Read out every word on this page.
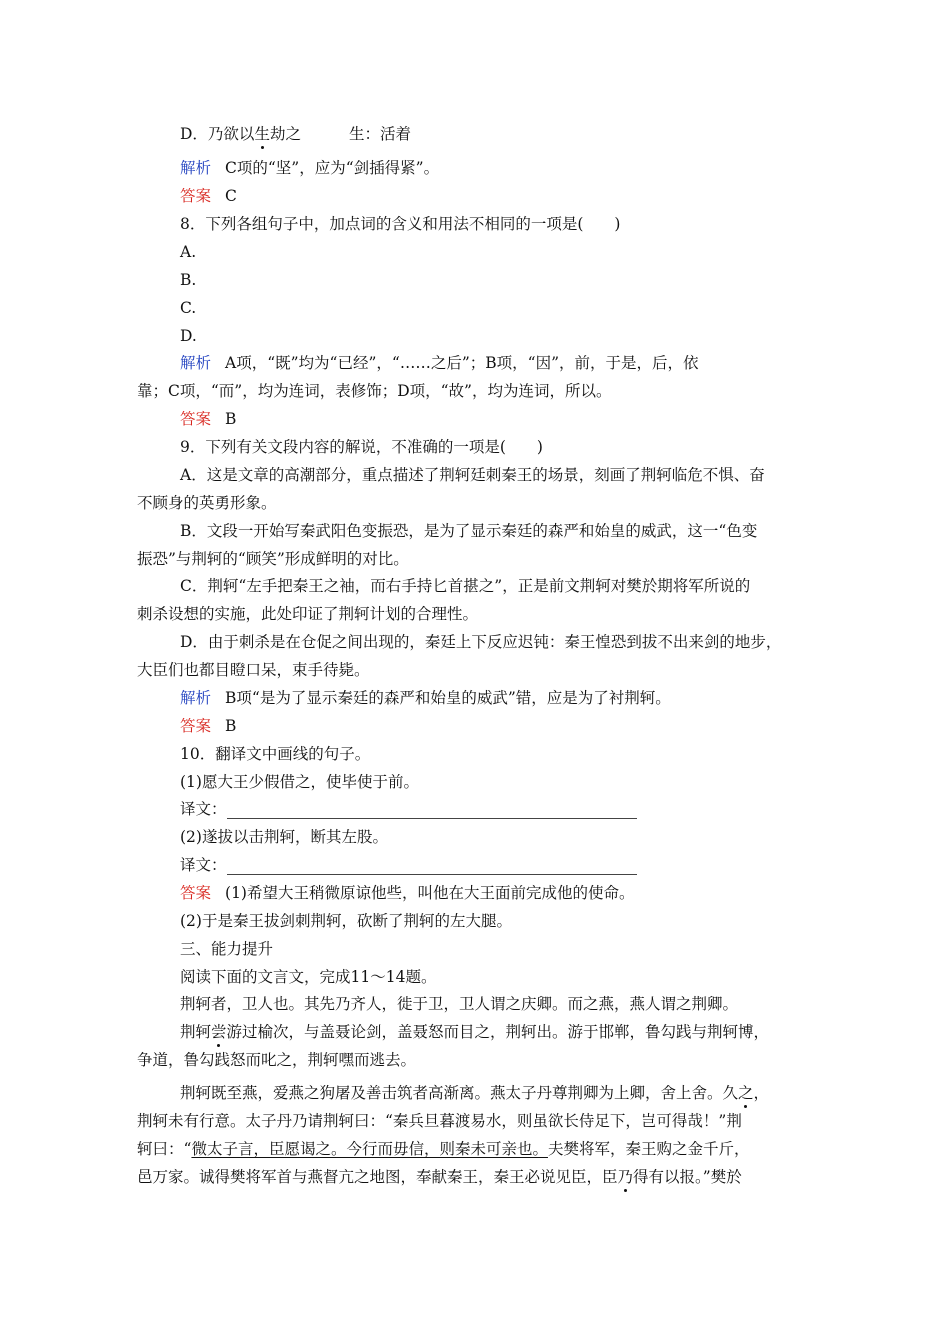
D．乃欲以生劫之	生：活着
解析 C项的“坚”，应为“剑插得紧”。
答案 C
8．下列各组句子中，加点词的含义和用法不相同的一项是(　　)
A.
B.
C.
D.
解析 A项，“既”均为“已经”，“……之后”；B项，“因”，前，于是，后，依
靠；C项，“而”，均为连词，表修饰；D项，“故”，均为连词，所以。
答案 B
9．下列有关文段内容的解说，不准确的一项是(　　)
A．这是文章的高潮部分，重点描述了荆轲廷刺秦王的场景，刻画了荆轲临危不惧、奋
不顾身的英勇形象。
B．文段一开始写秦武阳色变振恐，是为了显示秦廷的森严和始皇的威武，这一“色变
振恐”与荆轲的“顾笑”形成鲜明的对比。
C．荆轲“左手把秦王之袖，而右手持匕首揕之”，正是前文荆轲对樊於期将军所说的
刺杀设想的实施，此处印证了荆轲计划的合理性。
D．由于刺杀是在仓促之间出现的，秦廷上下反应迟钝：秦王惶恐到拔不出来剑的地步，
大臣们也都目瞪口呆，束手待毙。
解析 B项“是为了显示秦廷的森严和始皇的威武”错，应是为了衬荆轲。
答案 B
10．翻译文中画线的句子。
(1)愿大王少假借之，使毕使于前。
译文：
(2)遂拔以击荆轲，断其左股。
译文：
答案 (1)希望大王稍微原谅他些，叫他在大王面前完成他的使命。
(2)于是秦王拔剑刺荆轲，砍断了荆轲的左大腿。
三、能力提升
阅读下面的文言文，完成11～14题。
荆轲者，卫人也。其先乃齐人，徙于卫，卫人谓之庆卿。而之燕，燕人谓之荆卿。
荆轲尝游过榆次，与盖聂论剑，盖聂怒而目之，荆轲出。游于邯郸，鲁勾践与荆轲博，
争道，鲁勾践怒而叱之，荆轲嘿而逃去。
荆轲既至燕，爱燕之狗屠及善击筑者高渐离。燕太子丹尊荆卿为上卿，舍上舍。久之，
荆轲未有行意。太子丹乃请荆轲曰：“秦兵旦暮渡易水，则虽欲长侍足下，岂可得哉！”荆
轲曰：“微太子言，臣愿谒之。今行而毋信，则秦未可亲也。夫樊将军，秦王购之金千斤，
邑万家。诚得樊将军首与燕督亢之地图，奉献秦王，秦王必说见臣，臣乃得有以报。”樊於
